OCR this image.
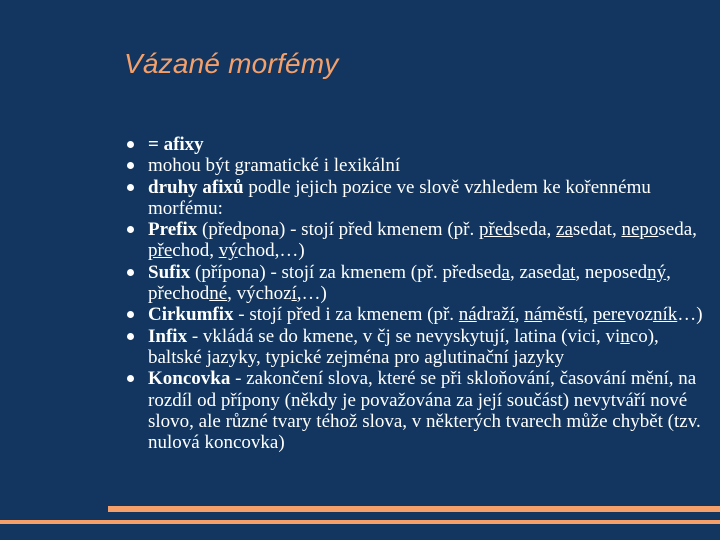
Vázané morfémy
= afixy
mohou být gramatické i lexikální
druhy afixů podle jejich pozice ve slově vzhledem ke kořennému morfému:
Prefix (předpona) - stojí před kmenem (př. předseda, zasedat, neposeda, přechod, východ,…)
Sufix (přípona) - stojí za kmenem (př. předseda, zasedat, neposedný, přechodné, výchozí,…)
Cirkumfix - stojí před i za kmenem (př. nádraží, náměstí, perevozník…)
Infix - vkládá se do kmene, v čj se nevyskytují, latina (vici, vinco), baltské jazyky, typické zejména pro aglutinační jazyky
Koncovka - zakončení slova, které se při skloňování, časování mění, na rozdíl od přípony (někdy je považována za její součást) nevytváří nové slovo, ale různé tvary téhož slova, v některých tvarech může chybět (tzv. nulová koncovka)
